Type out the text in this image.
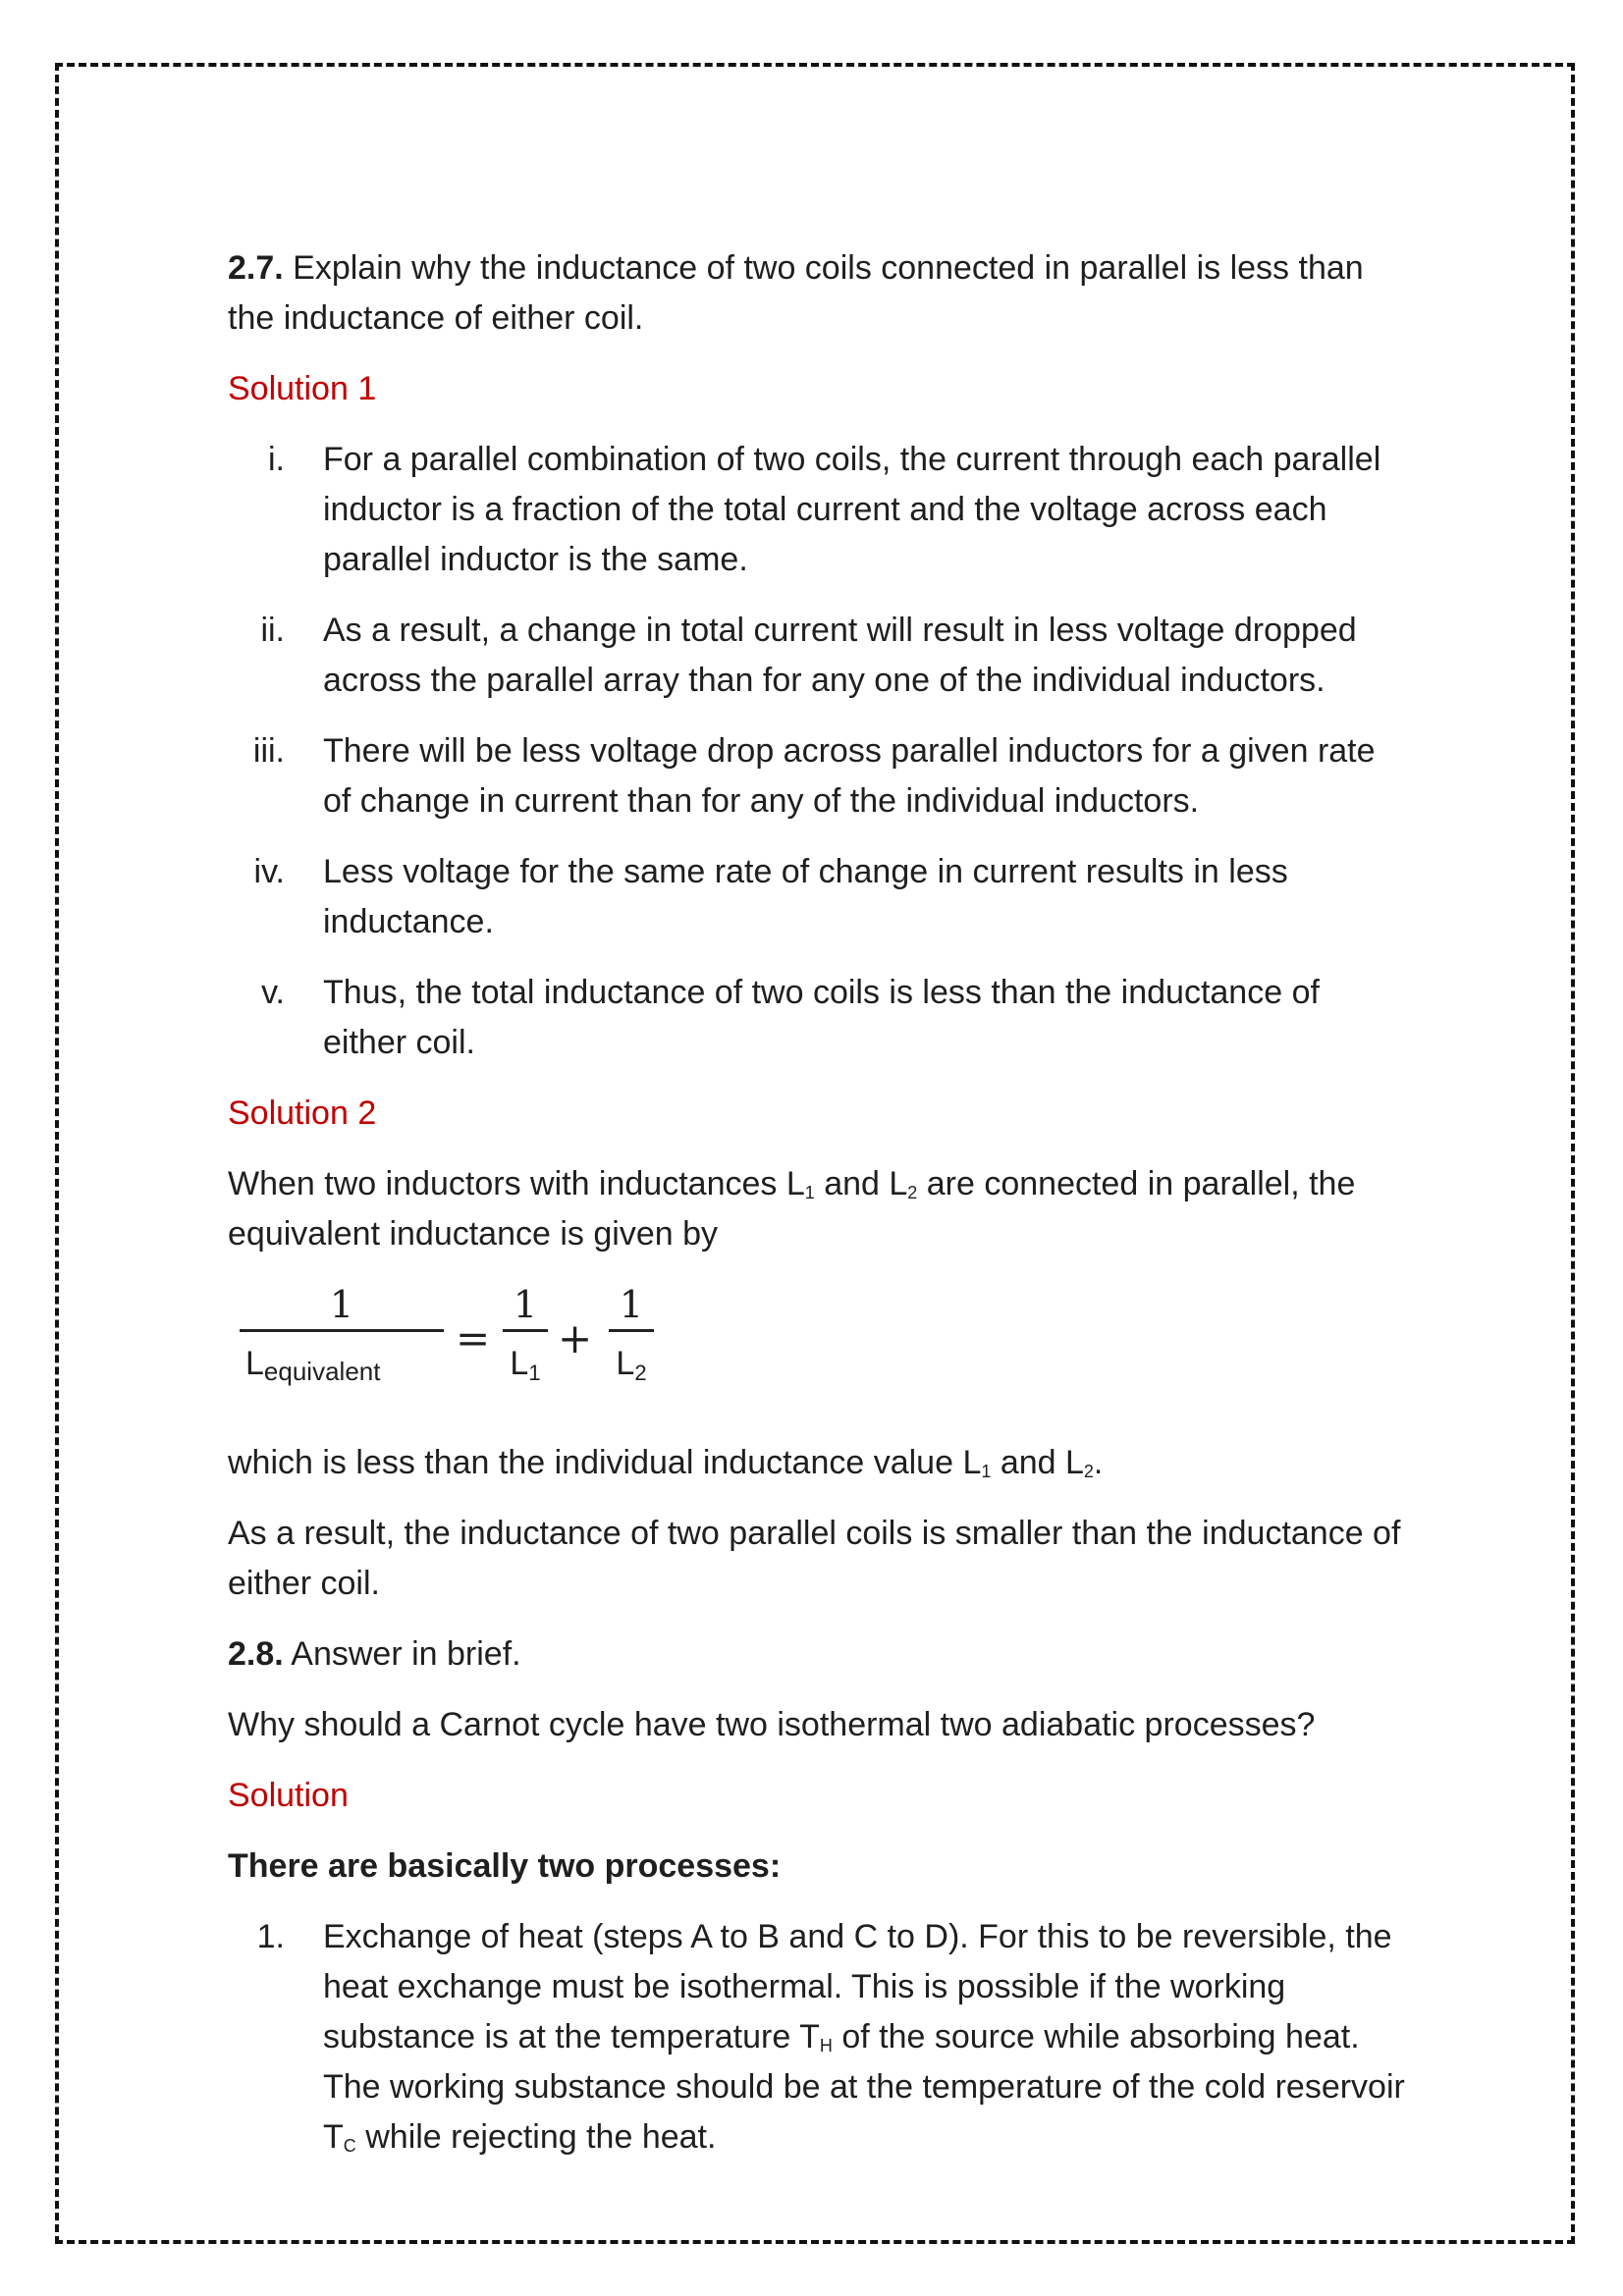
2.7. Explain why the inductance of two coils connected in parallel is less than the inductance of either coil.

Solution 1

i. For a parallel combination of two coils, the current through each parallel inductor is a fraction of the total current and the voltage across each parallel inductor is the same.
ii. As a result, a change in total current will result in less voltage dropped across the parallel array than for any one of the individual inductors.
iii. There will be less voltage drop across parallel inductors for a given rate of change in current than for any of the individual inductors.
iv. Less voltage for the same rate of change in current results in less inductance.
v. Thus, the total inductance of two coils is less than the inductance of either coil.

Solution 2

When two inductors with inductances $L_1$ and $L_2$ are connected in parallel, the equivalent inductance is given by

1
$L_{equivalent}$
=
1
$L_1$
+
1
$L_2$

which is less than the individual inductance value $L_1$ and $L_2$.

As a result, the inductance of two parallel coils is smaller than the inductance of either coil.

2.8. Answer in brief.

Why should a Carnot cycle have two isothermal two adiabatic processes?

Solution

There are basically two processes:

1. Exchange of heat (steps A to B and C to D). For this to be reversible, the heat exchange must be isothermal. This is possible if the working substance is at the temperature $T_H$ of the source while absorbing heat. The working substance should be at the temperature of the cold reservoir $T_C$ while rejecting the heat.
